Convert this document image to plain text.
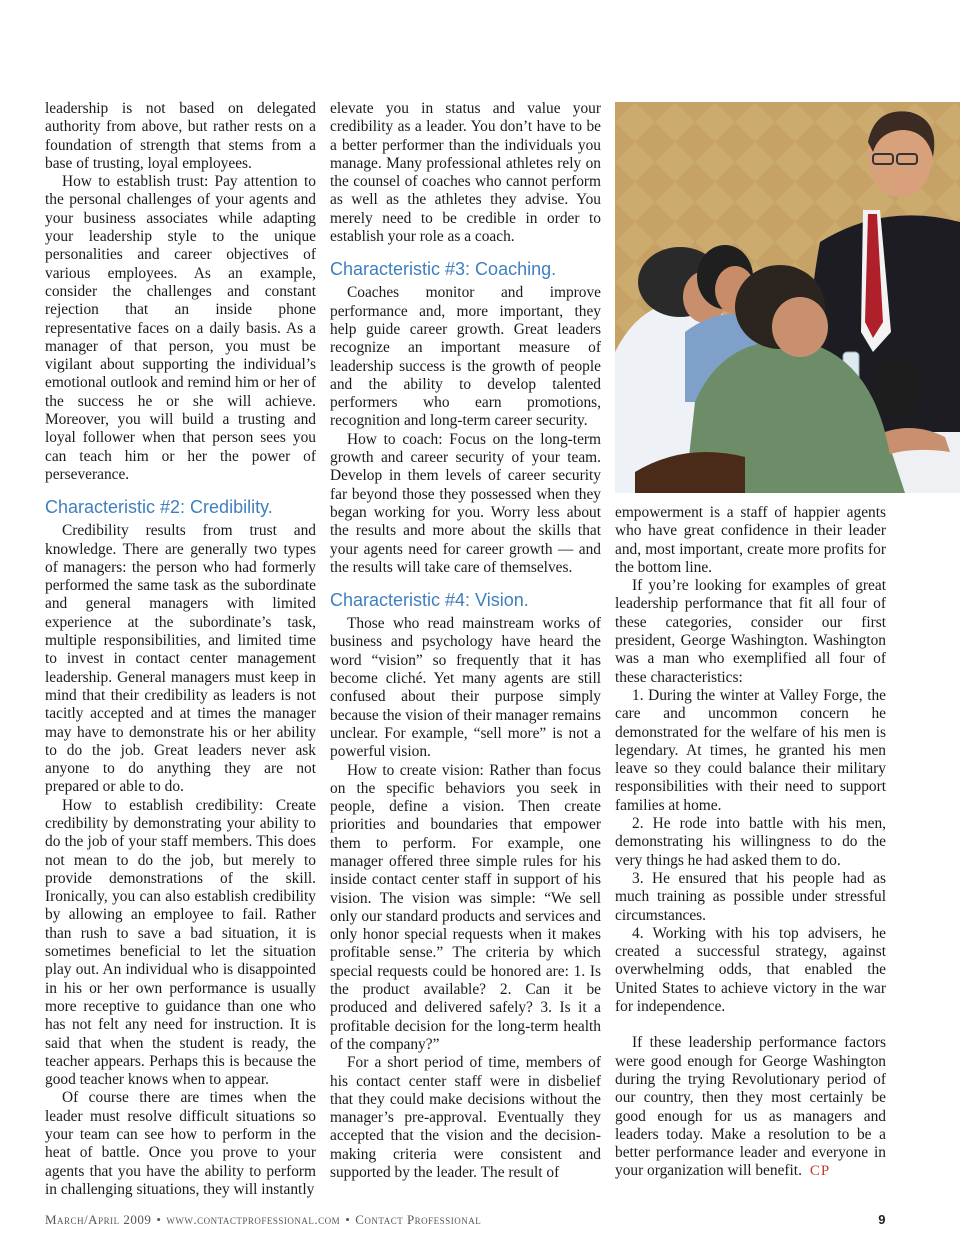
leadership is not based on delegated authority from above, but rather rests on a foundation of strength that stems from a base of trusting, loyal employees.

How to establish trust: Pay attention to the personal challenges of your agents and your business associates while adapting your leadership style to the unique personalities and career objectives of various employees. As an example, consider the challenges and constant rejection that an inside phone representative faces on a daily basis. As a manager of that person, you must be vigilant about supporting the individual’s emotional outlook and remind him or her of the success he or she will achieve. Moreover, you will build a trusting and loyal follower when that person sees you can teach him or her the power of perseverance.

Characteristic #2: Credibility.

Credibility results from trust and knowledge. There are generally two types of managers: the person who had formerly performed the same task as the subordinate and general managers with limited experience at the subordinate’s task, multiple responsibilities, and limited time to invest in contact center management leadership. General managers must keep in mind that their credibility as leaders is not tacitly accepted and at times the manager may have to demonstrate his or her ability to do the job. Great leaders never ask anyone to do anything they are not prepared or able to do.

How to establish credibility: Create credibility by demonstrating your ability to do the job of your staff members. This does not mean to do the job, but merely to provide demonstrations of the skill. Ironically, you can also establish credibility by allowing an employee to fail. Rather than rush to save a bad situation, it is sometimes beneficial to let the situation play out. An individual who is disappointed in his or her own performance is usually more receptive to guidance than one who has not felt any need for instruction. It is said that when the student is ready, the teacher appears. Perhaps this is because the good teacher knows when to appear.

Of course there are times when the leader must resolve difficult situations so your team can see how to perform in the heat of battle. Once you prove to your agents that you have the ability to perform in challenging situations, they will instantly

elevate you in status and value your credibility as a leader. You don’t have to be a better performer than the individuals you manage. Many professional athletes rely on the counsel of coaches who cannot perform as well as the athletes they advise. You merely need to be credible in order to establish your role as a coach.

Characteristic #3: Coaching.

Coaches monitor and improve performance and, more important, they help guide career growth. Great leaders recognize an important measure of leadership success is the growth of people and the ability to develop talented performers who earn promotions, recognition and long-term career security.

How to coach: Focus on the long-term growth and career security of your team. Develop in them levels of career security far beyond those they possessed when they began working for you. Worry less about the results and more about the skills that your agents need for career growth — and the results will take care of themselves.

Characteristic #4: Vision.

Those who read mainstream works of business and psychology have heard the word “vision” so frequently that it has become cliché. Yet many agents are still confused about their purpose simply because the vision of their manager remains unclear. For example, “sell more” is not a powerful vision.

How to create vision: Rather than focus on the specific behaviors you seek in people, define a vision. Then create priorities and boundaries that empower them to perform. For example, one manager offered three simple rules for his inside contact center staff in support of his vision. The vision was simple: “We sell only our standard products and services and only honor special requests when it makes profitable sense.” The criteria by which special requests could be honored are: 1. Is the product available? 2. Can it be produced and delivered safely? 3. Is it a profitable decision for the long-term health of the company?”

For a short period of time, members of his contact center staff were in disbelief that they could make decisions without the manager’s pre-approval. Eventually they accepted that the vision and the decision-making criteria were consistent and supported by the leader. The result of

empowerment is a staff of happier agents who have great confidence in their leader and, most important, create more profits for the bottom line.

If you’re looking for examples of great leadership performance that fit all four of these categories, consider our first president, George Washington. Washington was a man who exemplified all four of these characteristics:

1. During the winter at Valley Forge, the care and uncommon concern he demonstrated for the welfare of his men is legendary. At times, he granted his men leave so they could balance their military responsibilities with their need to support families at home.

2. He rode into battle with his men, demonstrating his willingness to do the very things he had asked them to do.

3. He ensured that his people had as much training as possible under stressful circumstances.

4. Working with his top advisers, he created a successful strategy, against overwhelming odds, that enabled the United States to achieve victory in the war for independence.

If these leadership performance factors were good enough for George Washington during the trying Revolutionary period of our country, then they most certainly be good enough for us as managers and leaders today. Make a resolution to be a better performance leader and everyone in your organization will benefit. CP

March/April 2009 • www.contactprofessional.com • Contact Professional	9
